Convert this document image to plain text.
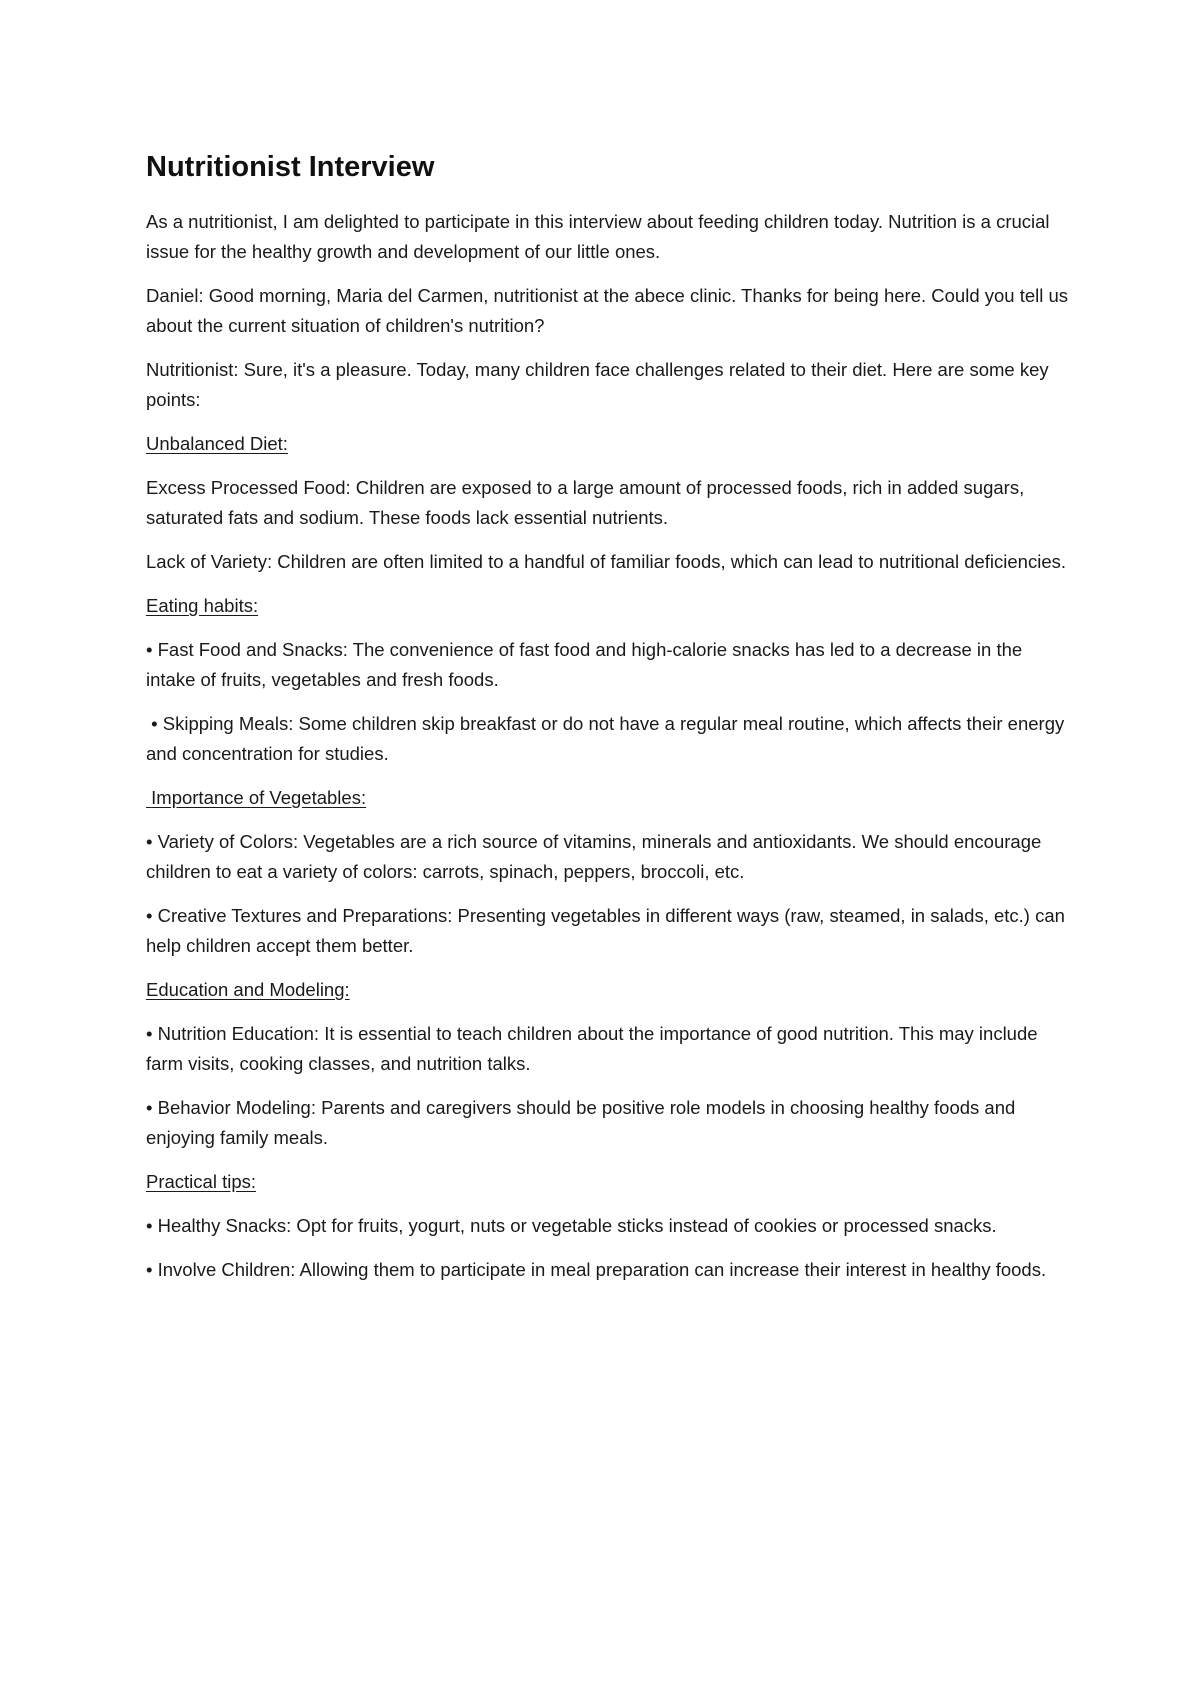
Nutritionist Interview

As a nutritionist, I am delighted to participate in this interview about feeding children today. Nutrition is a crucial issue for the healthy growth and development of our little ones.

Daniel: Good morning, Maria del Carmen, nutritionist at the abece clinic. Thanks for being here. Could you tell us about the current situation of children's nutrition?

Nutritionist: Sure, it's a pleasure. Today, many children face challenges related to their diet. Here are some key points:

Unbalanced Diet:

Excess Processed Food: Children are exposed to a large amount of processed foods, rich in added sugars, saturated fats and sodium. These foods lack essential nutrients.

Lack of Variety: Children are often limited to a handful of familiar foods, which can lead to nutritional deficiencies.

Eating habits:

• Fast Food and Snacks: The convenience of fast food and high-calorie snacks has led to a decrease in the intake of fruits, vegetables and fresh foods.

• Skipping Meals: Some children skip breakfast or do not have a regular meal routine, which affects their energy and concentration for studies.

Importance of Vegetables:

• Variety of Colors: Vegetables are a rich source of vitamins, minerals and antioxidants. We should encourage children to eat a variety of colors: carrots, spinach, peppers, broccoli, etc.

• Creative Textures and Preparations: Presenting vegetables in different ways (raw, steamed, in salads, etc.) can help children accept them better.

Education and Modeling:

• Nutrition Education: It is essential to teach children about the importance of good nutrition. This may include farm visits, cooking classes, and nutrition talks.

• Behavior Modeling: Parents and caregivers should be positive role models in choosing healthy foods and enjoying family meals.

Practical tips:

• Healthy Snacks: Opt for fruits, yogurt, nuts or vegetable sticks instead of cookies or processed snacks.

• Involve Children: Allowing them to participate in meal preparation can increase their interest in healthy foods.
